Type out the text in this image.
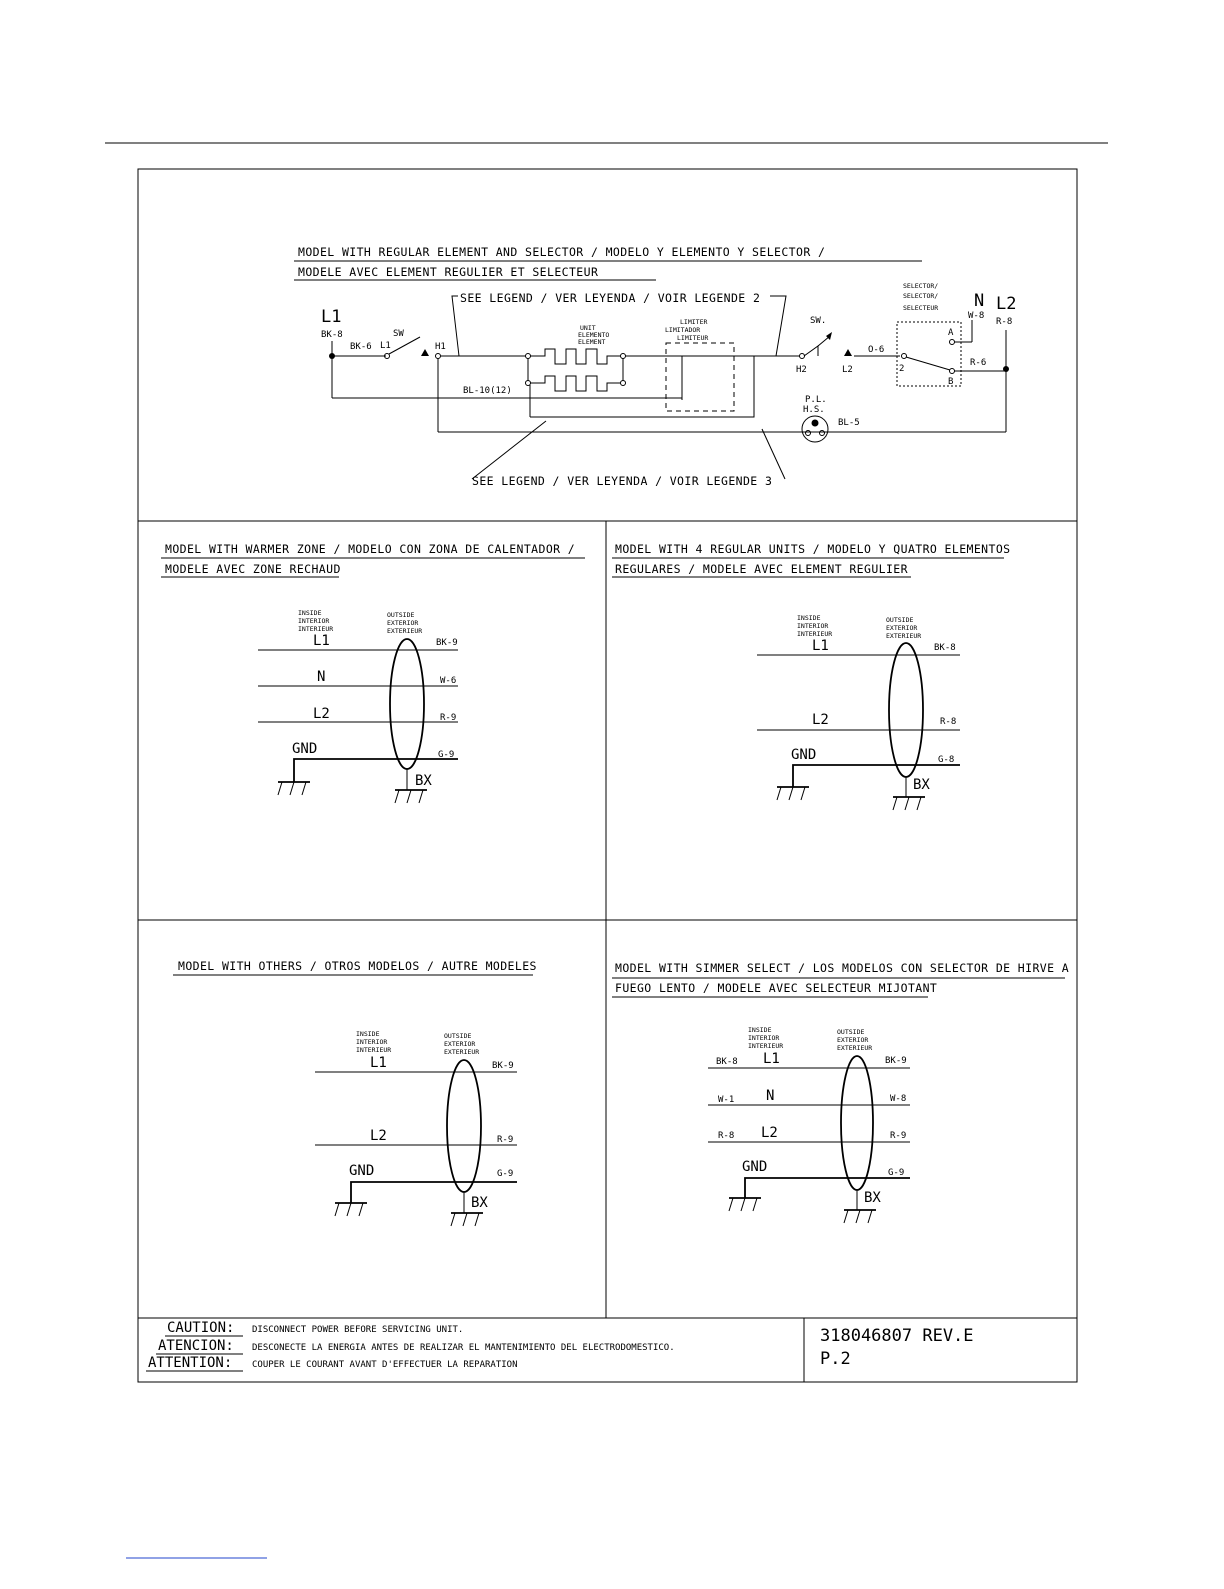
MODEL WITH REGULAR ELEMENT AND SELECTOR / MODELO Y ELEMENTO Y SELECTOR /
MODELE AVEC ELEMENT REGULIER ET SELECTEUR
SEE LEGEND / VER LEYENDA / VOIR LEGENDE 2
L1
BK-8
BK-6 L1
SW
H1
UNIT
ELEMENTO
ELEMENT
LIMITER
LIMITADOR
LIMITEUR
BL-10(12)
H2
SW.
L2
O-6
SELECTOR/
SELECTOR/
SELECTEUR
2
A
B
N
W-8
L2
R-8
R-6
P.L.
H.S.
BL-5
SEE LEGEND / VER LEYENDA / VOIR LEGENDE 3
MODEL WITH WARMER ZONE / MODELO CON ZONA DE CALENTADOR /
MODELE AVEC ZONE RECHAUD
INSIDE
INTERIOR
INTERIEUR
OUTSIDE
EXTERIOR
EXTERIEUR
L1	BK-9
N	W-6
L2	R-9
GND	G-9
BX
MODEL WITH 4 REGULAR UNITS / MODELO Y QUATRO ELEMENTOS
REGULARES / MODELE AVEC ELEMENT REGULIER
INSIDE
INTERIOR
INTERIEUR
OUTSIDE
EXTERIOR
EXTERIEUR
L1	BK-8
L2	R-8
GND	G-8
BX
MODEL WITH OTHERS / OTROS MODELOS / AUTRE MODELES
INSIDE
INTERIOR
INTERIEUR
OUTSIDE
EXTERIOR
EXTERIEUR
L1	BK-9
L2	R-9
GND	G-9
BX
MODEL WITH SIMMER SELECT / LOS MODELOS CON SELECTOR DE HIRVE A
FUEGO LENTO / MODELE AVEC SELECTEUR MIJOTANT
INSIDE
INTERIOR
INTERIEUR
OUTSIDE
EXTERIOR
EXTERIEUR
BK-8 L1	BK-9
W-1 N	W-8
R-8 L2	R-9
GND	G-9
BX
CAUTION: DISCONNECT POWER BEFORE SERVICING UNIT.
ATENCION: DESCONECTE LA ENERGIA ANTES DE REALIZAR EL MANTENIMIENTO DEL ELECTRODOMESTICO.
ATTENTION: COUPER LE COURANT AVANT D'EFFECTUER LA REPARATION
318046807 REV.E
P.2
